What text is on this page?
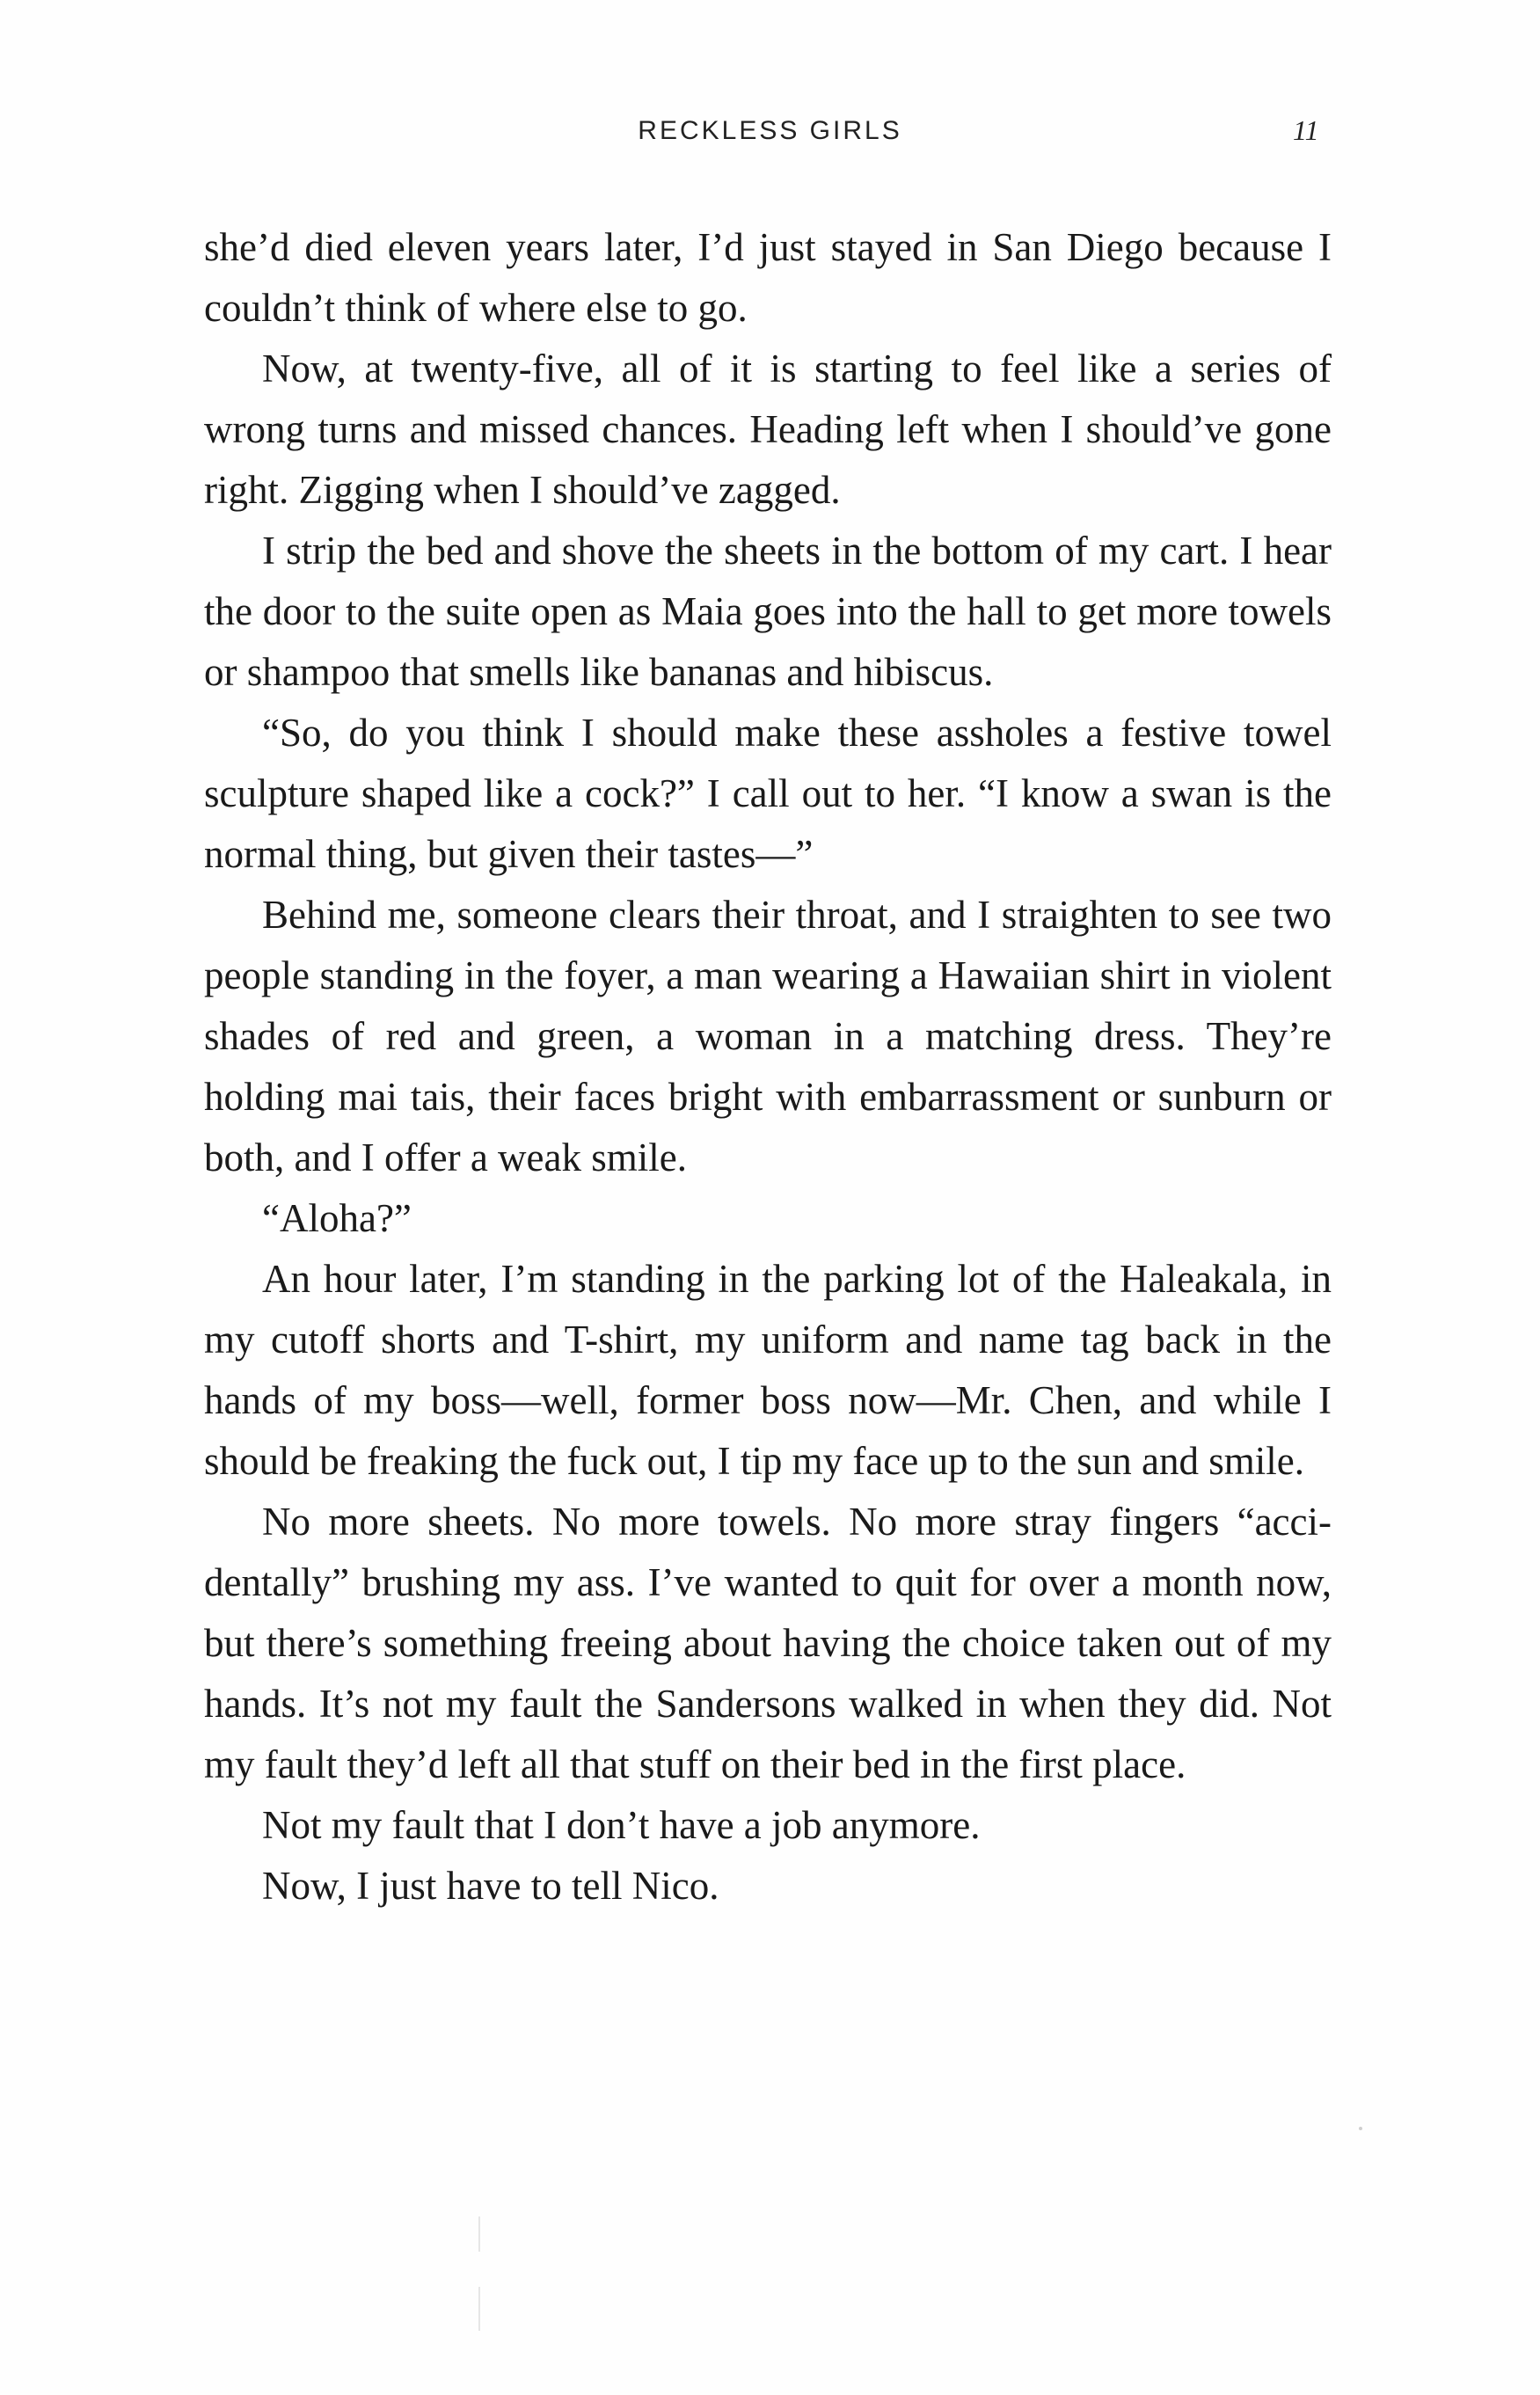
RECKLESS GIRLS	11

she’d died eleven years later, I’d just stayed in San Diego because I couldn’t think of where else to go.

Now, at twenty-five, all of it is starting to feel like a series of wrong turns and missed chances. Heading left when I should’ve gone right. Zigging when I should’ve zagged.

I strip the bed and shove the sheets in the bottom of my cart. I hear the door to the suite open as Maia goes into the hall to get more towels or shampoo that smells like bananas and hibiscus.

“So, do you think I should make these assholes a festive towel sculpture shaped like a cock?” I call out to her. “I know a swan is the normal thing, but given their tastes—”

Behind me, someone clears their throat, and I straighten to see two people standing in the foyer, a man wearing a Hawaiian shirt in violent shades of red and green, a woman in a matching dress. They’re holding mai tais, their faces bright with embarrassment or sunburn or both, and I offer a weak smile.

“Aloha?”

An hour later, I’m standing in the parking lot of the Haleakala, in my cutoff shorts and T-shirt, my uniform and name tag back in the hands of my boss—well, former boss now—Mr. Chen, and while I should be freaking the fuck out, I tip my face up to the sun and smile.

No more sheets. No more towels. No more stray fingers “accidentally” brushing my ass. I’ve wanted to quit for over a month now, but there’s something freeing about having the choice taken out of my hands. It’s not my fault the Sandersons walked in when they did. Not my fault they’d left all that stuff on their bed in the first place.

Not my fault that I don’t have a job anymore.

Now, I just have to tell Nico.
